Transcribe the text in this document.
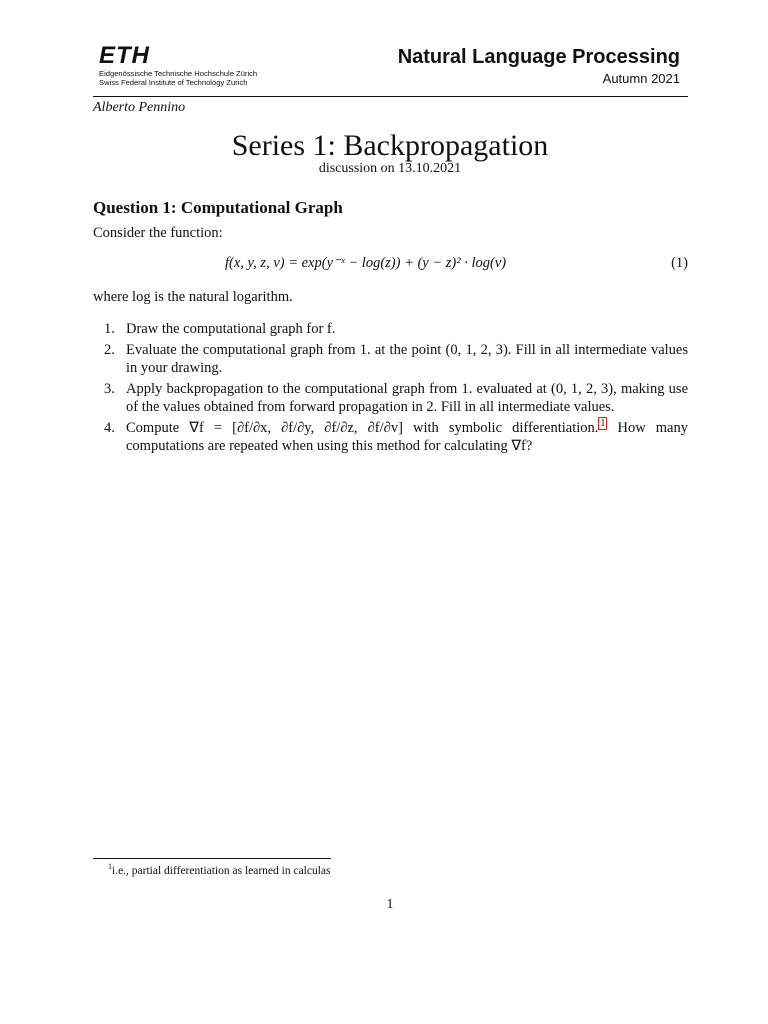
ETH
Eidgenössische Technische Hochschule Zürich
Swiss Federal Institute of Technology Zurich
Natural Language Processing
Autumn 2021
Alberto Pennino
Series 1: Backpropagation
discussion on 13.10.2021
Question 1: Computational Graph
Consider the function:
f(x, y, z, v) = exp(y⁻ˣ − log(z)) + (y − z)² · log(v)	(1)
where log is the natural logarithm.
1. Draw the computational graph for f.
2. Evaluate the computational graph from 1. at the point (0, 1, 2, 3). Fill in all intermediate values in your drawing.
3. Apply backpropagation to the computational graph from 1. evaluated at (0, 1, 2, 3), making use of the values obtained from forward propagation in 2. Fill in all intermediate values.
4. Compute ∇f = [∂f/∂x, ∂f/∂y, ∂f/∂z, ∂f/∂v] with symbolic differentiation. $^1$ How many computations are repeated when using this method for calculating ∇f?
$^1$i.e., partial differentiation as learned in calculas
1
